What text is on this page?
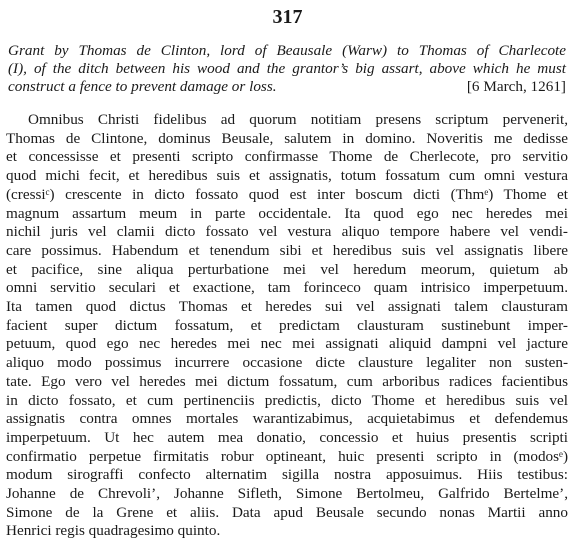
317
Grant by Thomas de Clinton, lord of Beausale (Warw) to Thomas of Charlecote
(I), of the ditch between his wood and the grantor’s big assart, above which he must
construct a fence to prevent damage or loss.	[6 March, 1261]
Omnibus Christi fidelibus ad quorum notitiam presens scriptum pervenerit,
Thomas de Clintone, dominus Beusale, salutem in domino. Noveritis me dedisse
et concessisse et presenti scripto confirmasse Thome de Cherlecote, pro servitio
quod michi fecit, et heredibus suis et assignatis, totum fossatum cum omni vestura
(cressiᶜ) crescente in dicto fossato quod est inter boscum dicti (Thmᵉ) Thome et
magnum assartum meum in parte occidentale. Ita quod ego nec heredes mei
nichil juris vel clamii dicto fossato vel vestura aliquo tempore habere vel vendi-
care possimus. Habendum et tenendum sibi et heredibus suis vel assignatis libere
et pacifice, sine aliqua perturbatione mei vel heredum meorum, quietum ab
omni servitio seculari et exactione, tam forinceco quam intrisico imperpetuum.
Ita tamen quod dictus Thomas et heredes sui vel assignati talem clausturam
facient super dictum fossatum, et predictam clausturam sustinebunt imper-
petuum, quod ego nec heredes mei nec mei assignati aliquid dampni vel jacture
aliquo modo possimus incurrere occasione dicte clausture legaliter non susten-
tate. Ego vero vel heredes mei dictum fossatum, cum arboribus radices facientibus
in dicto fossato, et cum pertinenciis predictis, dicto Thome et heredibus suis vel
assignatis contra omnes mortales warantizabimus, acquietabimus et defendemus
imperpetuum. Ut hec autem mea donatio, concessio et huius presentis scripti
confirmatio perpetue firmitatis robur optineant, huic presenti scripto in (modosᵉ)
modum sirograffi confecto alternatim sigilla nostra apposuimus. Hiis testibus:
Johanne de Chrevoli’, Johanne Sifleth, Simone Bertolmeu, Galfrido Bertelme’,
Simone de la Grene et aliis. Data apud Beusale secundo nonas Martii anno
Henrici regis quadragesimo quinto.
